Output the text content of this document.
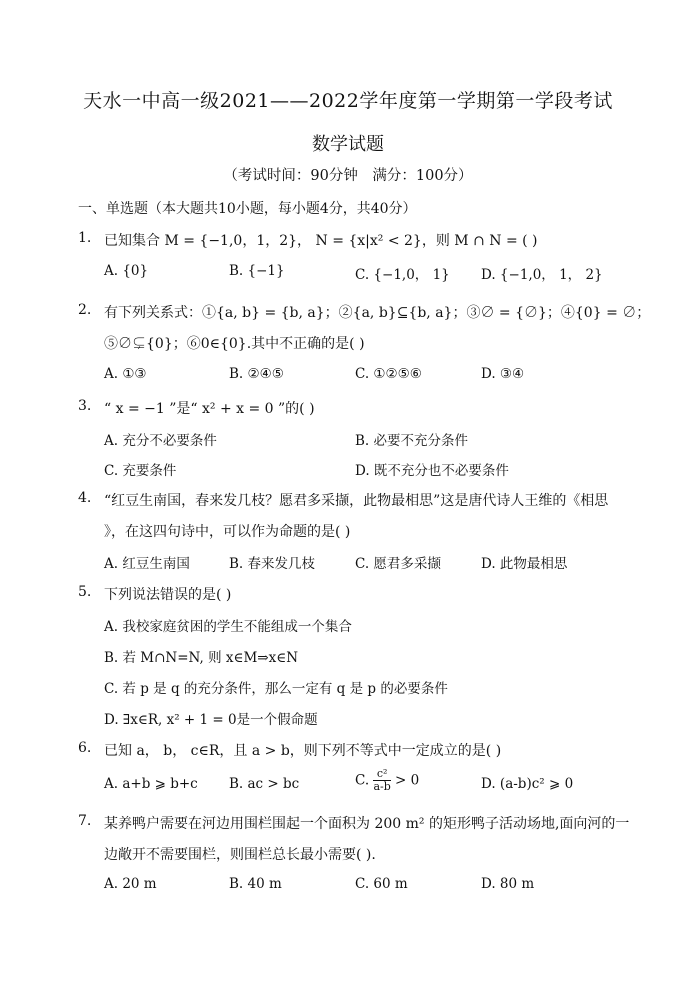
天水一中高一级2021——2022学年度第一学期第一学段考试
数学试题
（考试时间：90分钟　满分：100分）
一、单选题（本大题共10小题，每小题4分，共40分）
1. 已知集合 M = {−1,0，1，2}， N = {x|x² < 2}，则 M ∩ N = ( )
A. {0}	B. {−1}	C. {−1,0， 1} D. {−1,0， 1， 2}
2. 有下列关系式：①{a, b} = {b, a}；②{a, b}⊆{b, a}；③∅ = {∅}；④{0} = ∅；
⑤∅⊊{0}；⑥0∈{0}.其中不正确的是( )
A. ①③	B. ②④⑤	C. ①②⑤⑥	D. ③④
3. “ x = −1 ”是“ x² + x = 0 ”的( )
A. 充分不必要条件	B. 必要不充分条件
C. 充要条件	D. 既不充分也不必要条件
4. “红豆生南国，春来发几枝？愿君多采撷，此物最相思”这是唐代诗人王维的《相思
》，在这四句诗中，可以作为命题的是( )
A. 红豆生南国	B. 春来发几枝	C. 愿君多采撷	D. 此物最相思
5. 下列说法错误的是( )
A. 我校家庭贫困的学生不能组成一个集合
B. 若 M∩N=N, 则 x∈M⇒x∈N
C. 若 p 是 q 的充分条件，那么一定有 q 是 p 的必要条件
D. ∃x∈R, x² + 1 = 0是一个假命题
6. 已知 a， b， c∈R，且 a > b，则下列不等式中一定成立的是( )
A. a+b ⩾ b+c B. ac > bc	C. $\frac{\text{c²}}{a-b} > 0$	D. (a-b)c² ⩾ 0
7. 某养鸭户需要在河边用围栏围起一个面积为 200 m² 的矩形鸭子活动场地,面向河的一
边敞开不需要围栏，则围栏总长最小需要( ).
A. 20 m	B. 40 m	C. 60 m	D. 80 m
